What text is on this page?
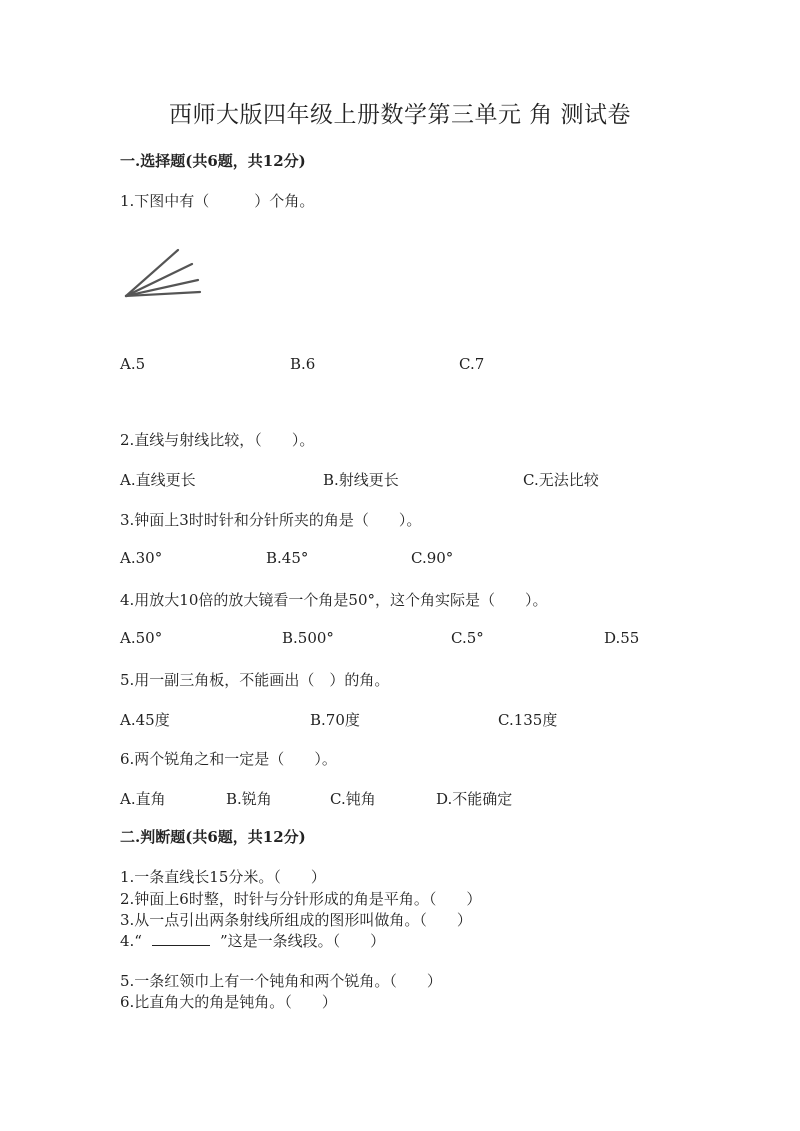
西师大版四年级上册数学第三单元 角 测试卷
一.选择题(共6题，共12分)
1.下图中有（　　　）个角。
A.5	B.6	C.7
2.直线与射线比较，（　　）。
A.直线更长	B.射线更长	C.无法比较
3.钟面上3时时针和分针所夹的角是（　　）。
A.30°	B.45°	C.90°
4.用放大10倍的放大镜看一个角是50°，这个角实际是（　　）。
A.50°	B.500°	C.5°	D.55
5.用一副三角板，不能画出（　）的角。
A.45度	B.70度	C.135度
6.两个锐角之和一定是（　　）。
A.直角	B.锐角	C.钝角	D.不能确定
二.判断题(共6题，共12分)
1.一条直线长15分米。（　　）
2.钟面上6时整，时针与分针形成的角是平角。（　　）
3.从一点引出两条射线所组成的图形叫做角。（　　）
4.“	”这是一条线段。（　　）
5.一条红领巾上有一个钝角和两个锐角。（　　）
6.比直角大的角是钝角。（　　）
